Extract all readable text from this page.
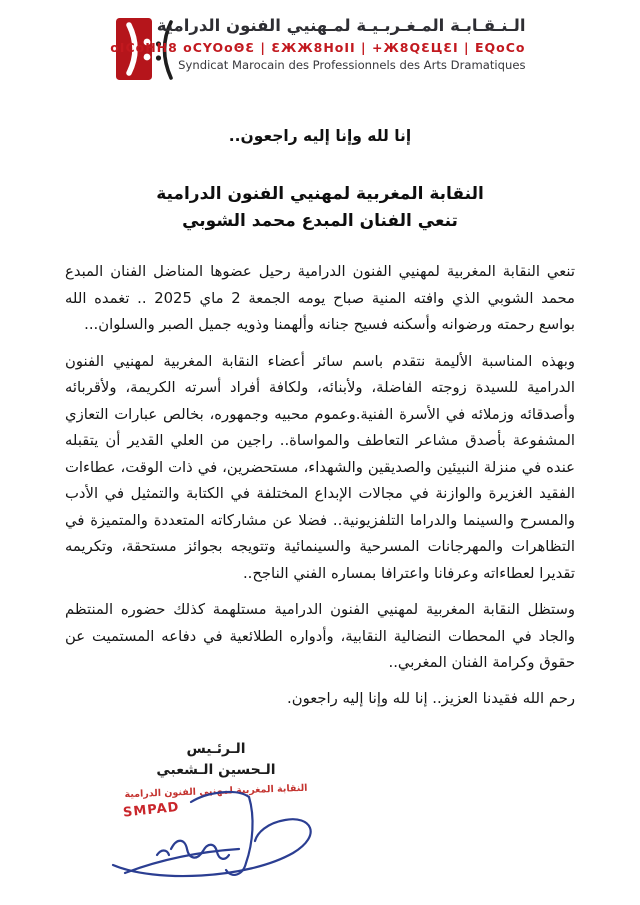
الـنـقـابـة المـغـربـيـة لمـهنيي الفنون الدرامية
oICoHH8 oCYOoΘƐ | ƐЖЖ8HoII | +Ж8QƐЦƐI | EQoCo
Syndicat Marocain des Professionnels des Arts Dramatiques
إنا لله وإنا إليه راجعون..
النقابة المغربية لمهنيي الفنون الدرامية
تنعي الفنان المبدع محمد الشوبي

تنعي النقابة المغربية لمهنيي الفنون الدرامية رحيل عضوها المناضل الفنان المبدع محمد الشوبي الذي وافته المنية صباح يومه الجمعة 2 ماي 2025 .. تغمده الله بواسع رحمته ورضوانه وأسكنه فسيح جنانه وألهمنا وذويه جميل الصبر والسلوان...

وبهذه المناسبة الأليمة نتقدم باسم سائر أعضاء النقابة المغربية لمهنيي الفنون الدرامية للسيدة زوجته الفاضلة، ولأبنائه، ولكافة أفراد أسرته الكريمة، ولأقربائه وأصدقائه وزملائه في الأسرة الفنية.وعموم محبيه وجمهوره، بخالص عبارات التعازي المشفوعة بأصدق مشاعر التعاطف والمواساة.. راجين من العلي القدير أن يتقبله عنده في منزلة النبيئين والصديقين والشهداء، مستحضرين، في ذات الوقت، عطاءات الفقيد الغزيرة والوازنة في مجالات الإبداع المختلفة في الكتابة والتمثيل في الأدب والمسرح والسينما والدراما التلفزيونية.. فضلا عن مشاركاته المتعددة والمتميزة في التظاهرات والمهرجانات المسرحية والسينمائية وتتويجه بجوائز مستحقة، وتكريمه تقديرا لعطاءاته وعرفانا واعترافا بمساره الفني الناجح..

وستظل النقابة المغربية لمهنيي الفنون الدرامية مستلهمة كذلك حضوره المنتظم والجاد في المحطات النضالية النقابية، وأدواره الطلائعية في دفاعه المستميت عن حقوق وكرامة الفنان المغربي..

رحم الله فقيدنا العزيز.. إنا لله وإنا إليه راجعون.
الـرئـيس
الـحسين الـشعبي
النقابة المغربية لمهنيي الفنون الدرامية
SMPAD
